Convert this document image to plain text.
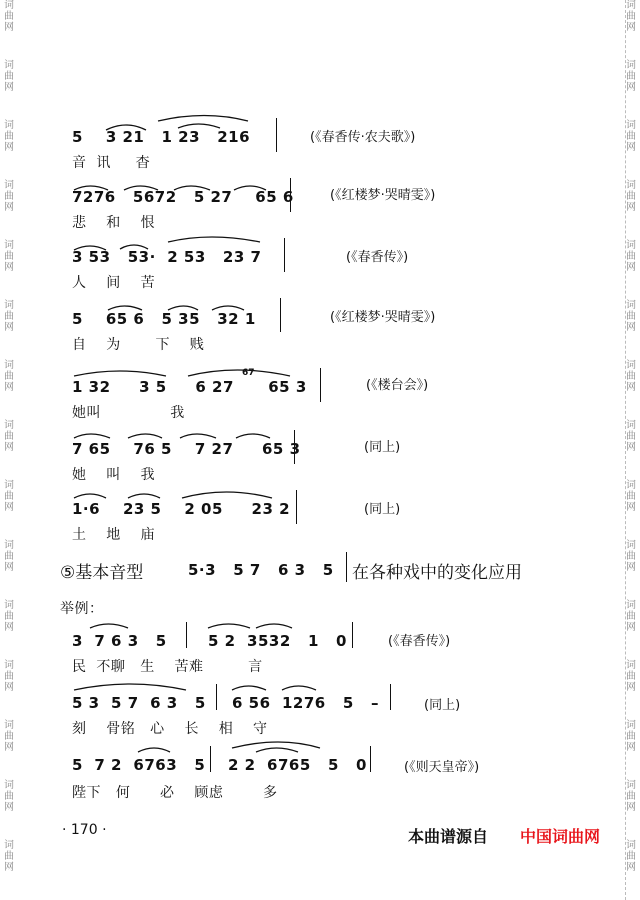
词
曲
网
词
曲
网
词
曲
网
词
曲
网
词
曲
网
词
曲
网
词
曲
网
词
曲
网
词
曲
网
词
曲
网
词
曲
网
词
曲
网
词
曲
网
词
曲
网
词
曲
网
词
曲
网
词
曲
网
词
曲
网
词
曲
网
词
曲
网
词
曲
网
词
曲
网
词
曲
网
词
曲
网
词
曲
网
词
曲
网
词
曲
网
词
曲
网
词
曲
网
词
曲
网
5    3 21   1 23   216
音  讯     杳
(《春香传·农夫歌》)
7276   5672   5 27    65 6
悲    和    恨
(《红楼梦·哭晴雯》)
3 53   53·  2 53   23 7
人    间    苦
(《春香传》)
5    65 6   5 35   32 1
自    为       下    贱
(《红楼梦·哭晴雯》)
67
1 32     3 5     6 27      65 3
她叫              我
(《楼台会》)
7 65    76 5    7 27     65 3
她    叫    我
(同上)
1·6    23 5    2 05     23 2
土    地    庙
(同上)
⑤基本音型	5·3   5 7   6 3   5 在各种戏中的变化应用
举例：
3  7 6 3   5	5 2  3532   1   0
民  不聊   生    苦难         言
(《春香传》)
5 3  5 7  6 3   5 6 56  1276   5   –
刻    骨铭   心    长    相    守
(同上)
5  7 2  6763   5 2 2  6765   5   0
陛下   何      必    顾虑        多
(《则天皇帝》)
· 170 ·	本曲谱源自 中国词曲网
